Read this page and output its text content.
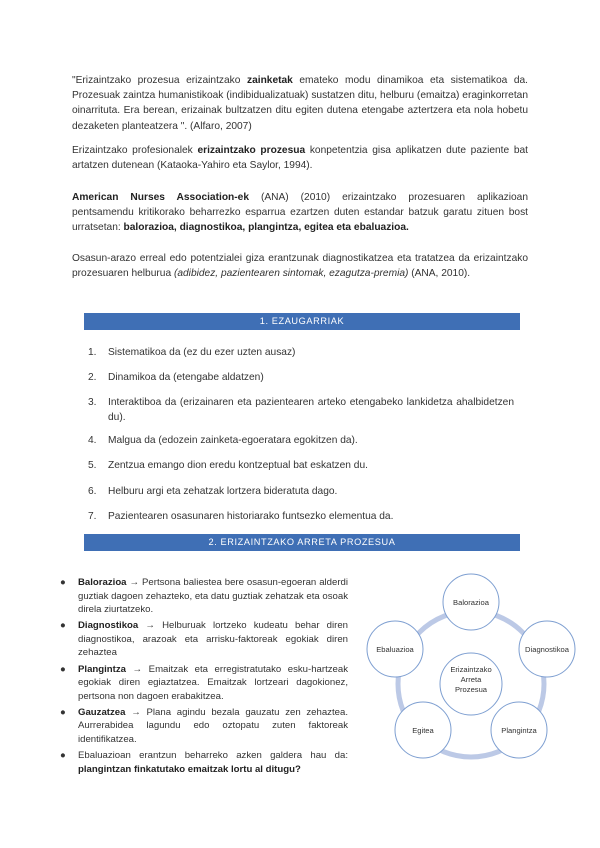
"Erizaintzako prozesua erizaintzako zainketak emateko modu dinamikoa eta sistematikoa da. Prozesuak zaintza humanistikoak (indibidualizatuak) sustatzen ditu, helburu (emaitza) eraginkorretan oinarrituta. Era berean, erizainak bultzatzen ditu egiten dutena etengabe aztertzera eta nola hobetu dezaketen planteatzera ". (Alfaro, 2007)

Erizaintzako profesionalek erizaintzako prozesua konpetentzia gisa aplikatzen dute paziente bat artatzen dutenean (Kataoka-Yahiro eta Saylor, 1994).

American Nurses Association-ek (ANA) (2010) erizaintzako prozesuaren aplikazioan pentsamendu kritikorako beharrezko esparrua ezartzen duten estandar batzuk garatu zituen bost urratsetan: balorazioa, diagnostikoa, plangintza, egitea eta ebaluazioa.

Osasun-arazo erreal edo potentzialei giza erantzunak diagnostikatzea eta tratatzea da erizaintzako prozesuaren helburua (adibidez, pazientearen sintomak, ezagutza-premia) (ANA, 2010).

1. EZAUGARRIAK
1.	Sistematikoa da (ez du ezer uzten ausaz)
2.	Dinamikoa da (etengabe aldatzen)
3.	Interaktiboa da (erizainaren eta pazientearen arteko etengabeko lankidetza ahalbidetzen du).
4.	Malgua da (edozein zainketa-egoeratara egokitzen da).
5.	Zentzua emango dion eredu kontzeptual bat eskatzen du.
6.	Helburu argi eta zehatzak lortzera bideratuta dago.
7.	Pazientearen osasunaren historiarako funtsezko elementua da.
2. ERIZAINTZAKO ARRETA PROZESUA
● Balorazioa → Pertsona baliestea bere osasun-egoeran alderdi guztiak dagoen zehazteko, eta datu guztiak zehatzak eta osoak direla ziurtatzeko.
● Diagnostikoa → Helburuak lortzeko kudeatu behar diren diagnostikoa, arazoak eta arrisku-faktoreak egokiak diren zehaztea
● Plangintza → Emaitzak eta erregistratutako esku-hartzeak egokiak diren egiaztatzea. Emaitzak lortzeari dagokionez, pertsona non dagoen erabakitzea.
● Gauzatzea → Plana agindu bezala gauzatu zen zehaztea. Aurrerabidea lagundu edo oztopatu zuten faktoreak identifikatzea.
● Ebaluazioan erantzun beharreko azken galdera hau da: plangintzan finkatutako emaitzak lortu al ditugu?
Erizaintzako
Arreta
Prozesua
Balorazioa
Diagnostikoa
Plangintza
Egitea
Ebaluazioa
